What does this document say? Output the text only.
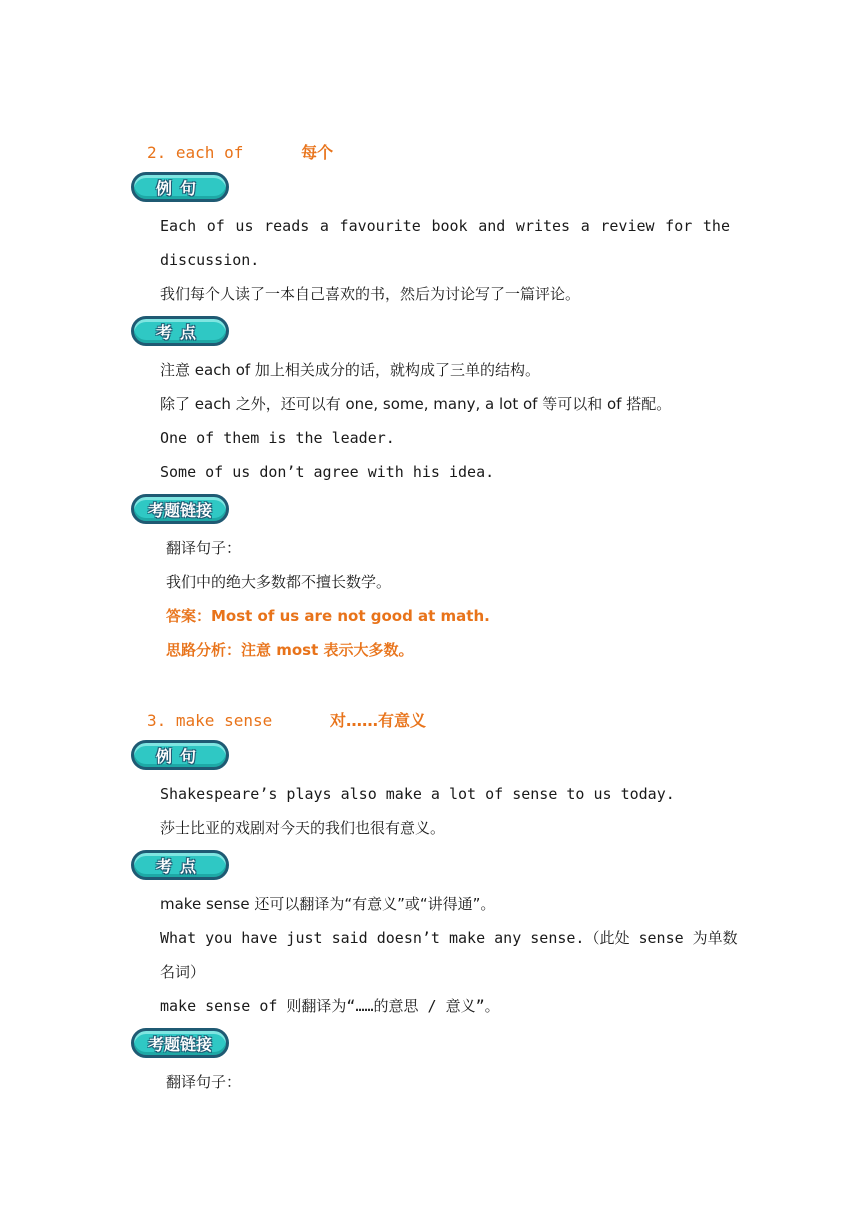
2. each of	每个
例句
Each of us reads a favourite book and writes a review for the
discussion.
我们每个人读了一本自己喜欢的书，然后为讨论写了一篇评论。
考点
注意 each of 加上相关成分的话，就构成了三单的结构。
除了 each 之外，还可以有 one, some, many, a lot of 等可以和 of 搭配。
One of them is the leader.
Some of us don’t agree with his idea.
考题链接
翻译句子：
我们中的绝大多数都不擅长数学。
答案：Most of us are not good at math.
思路分析：注意 most 表示大多数。
3. make sense	对……有意义
例句
Shakespeare’s plays also make a lot of sense to us today.
莎士比亚的戏剧对今天的我们也很有意义。
考点
make sense 还可以翻译为“有意义”或“讲得通”。
What you have just said doesn’t make any sense.（此处 sense 为单数
名词）
make sense of 则翻译为“……的意思 / 意义”。
考题链接
翻译句子：
